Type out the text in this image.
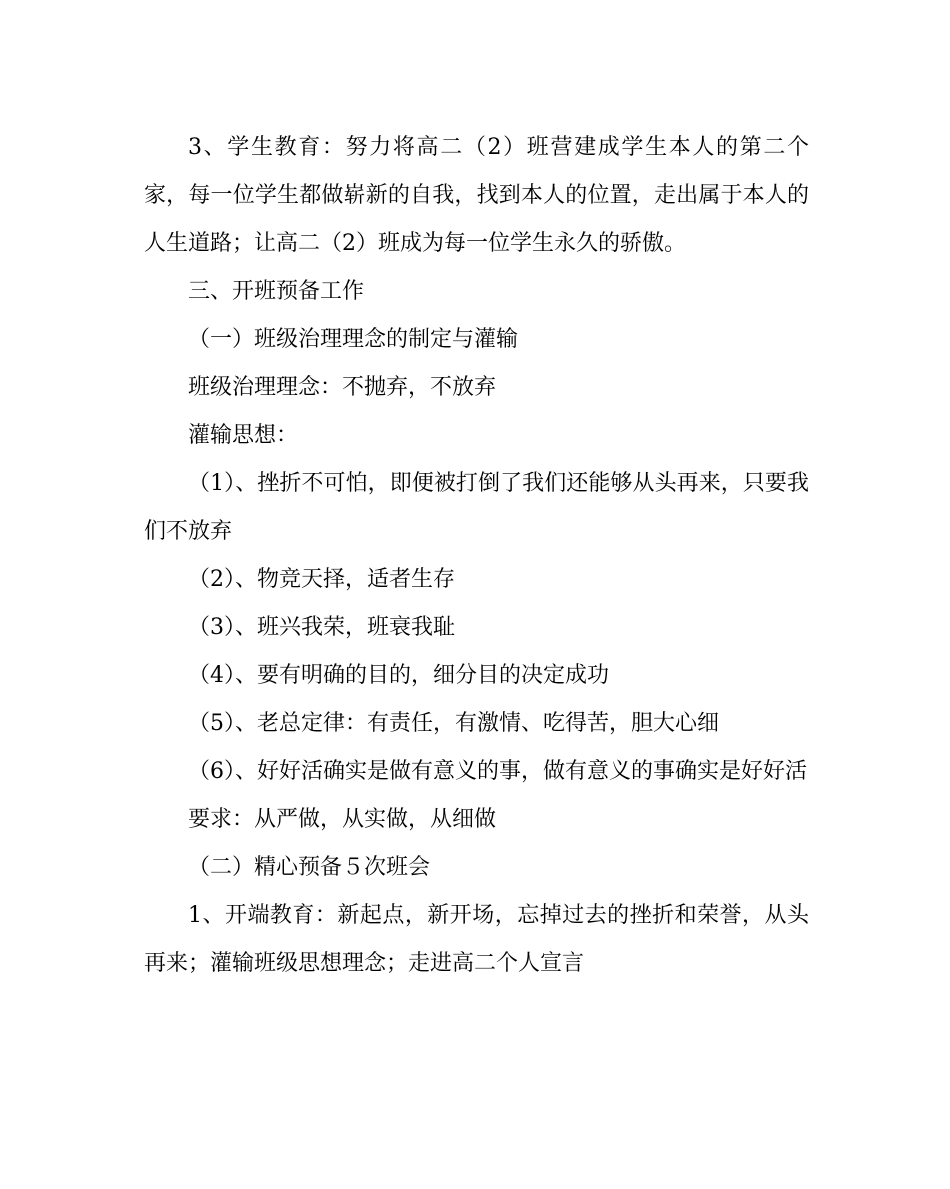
3、学生教育：努力将高二（2）班营建成学生本人的第二个家，每一位学生都做崭新的自我，找到本人的位置，走出属于本人的人生道路；让高二（2）班成为每一位学生永久的骄傲。

三、开班预备工作

（一）班级治理理念的制定与灌输

班级治理理念：不抛弃，不放弃

灌输思想：

（1）、挫折不可怕，即便被打倒了我们还能够从头再来，只要我们不放弃

（2）、物竞天择，适者生存

（3）、班兴我荣，班衰我耻

（4）、要有明确的目的，细分目的决定成功

（5）、老总定律：有责任，有激情、吃得苦，胆大心细

（6）、好好活确实是做有意义的事，做有意义的事确实是好好活

要求：从严做，从实做，从细做

（二）精心预备５次班会

1、开端教育：新起点，新开场，忘掉过去的挫折和荣誉，从头再来；灌输班级思想理念；走进高二个人宣言
